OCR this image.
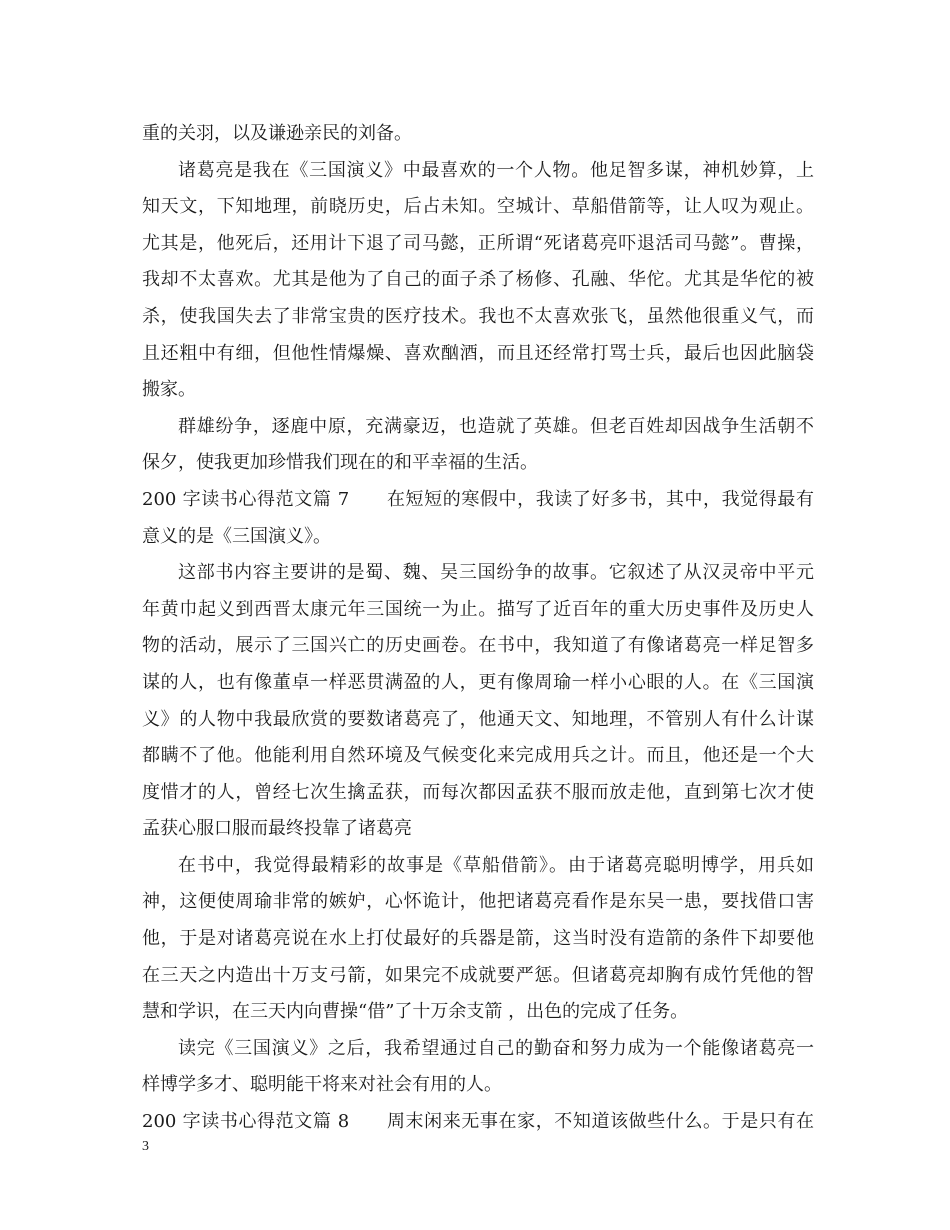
重的关羽，以及谦逊亲民的刘备。
诸葛亮是我在《三国演义》中最喜欢的一个人物。他足智多谋，神机妙算，上
知天文，下知地理，前晓历史，后占未知。空城计、草船借箭等，让人叹为观止。
尤其是，他死后，还用计下退了司马懿，正所谓“死诸葛亮吓退活司马懿”。曹操，
我却不太喜欢。尤其是他为了自己的面子杀了杨修、孔融、华佗。尤其是华佗的被
杀，使我国失去了非常宝贵的医疗技术。我也不太喜欢张飞，虽然他很重义气，而
且还粗中有细，但他性情爆燥、喜欢酗酒，而且还经常打骂士兵，最后也因此脑袋
搬家。
群雄纷争，逐鹿中原，充满豪迈，也造就了英雄。但老百姓却因战争生活朝不
保夕，使我更加珍惜我们现在的和平幸福的生活。
200 字读书心得范文篇 7　　在短短的寒假中，我读了好多书，其中，我觉得最有
意义的是《三国演义》。
这部书内容主要讲的是蜀、魏、吴三国纷争的故事。它叙述了从汉灵帝中平元
年黄巾起义到西晋太康元年三国统一为止。描写了近百年的重大历史事件及历史人
物的活动，展示了三国兴亡的历史画卷。在书中，我知道了有像诸葛亮一样足智多
谋的人，也有像董卓一样恶贯满盈的人，更有像周瑜一样小心眼的人。在《三国演
义》的人物中我最欣赏的要数诸葛亮了，他通天文、知地理，不管别人有什么计谋
都瞒不了他。他能利用自然环境及气候变化来完成用兵之计。而且，他还是一个大
度惜才的人，曾经七次生擒孟获，而每次都因孟获不服而放走他，直到第七次才使
孟获心服口服而最终投靠了诸葛亮
在书中，我觉得最精彩的故事是《草船借箭》。由于诸葛亮聪明博学，用兵如
神，这便使周瑜非常的嫉妒，心怀诡计，他把诸葛亮看作是东吴一患，要找借口害
他，于是对诸葛亮说在水上打仗最好的兵器是箭，这当时没有造箭的条件下却要他
在三天之内造出十万支弓箭，如果完不成就要严惩。但诸葛亮却胸有成竹凭他的智
慧和学识，在三天内向曹操“借”了十万余支箭 ，出色的完成了任务。
读完《三国演义》之后，我希望通过自己的勤奋和努力成为一个能像诸葛亮一
样博学多才、聪明能干将来对社会有用的人。
200 字读书心得范文篇 8　　周末闲来无事在家，不知道该做些什么。于是只有在
3
